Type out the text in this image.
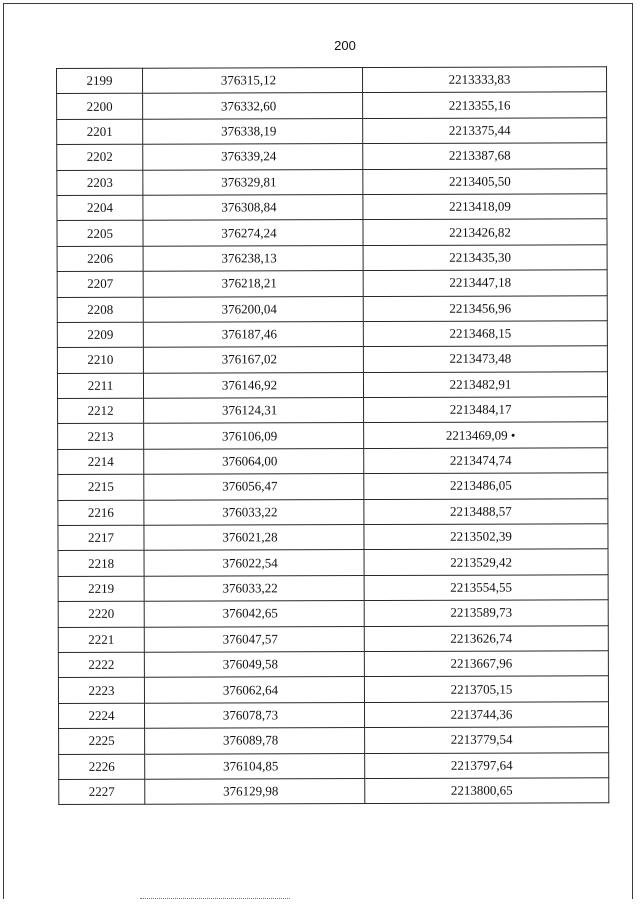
200
2199	376315,12	2213333,83
2200	376332,60	2213355,16
2201	376338,19	2213375,44
2202	376339,24	2213387,68
2203	376329,81	2213405,50
2204	376308,84	2213418,09
2205	376274,24	2213426,82
2206	376238,13	2213435,30
2207	376218,21	2213447,18
2208	376200,04	2213456,96
2209	376187,46	2213468,15
2210	376167,02	2213473,48
2211	376146,92	2213482,91
2212	376124,31	2213484,17
2213	376106,09	2213469,09 •
2214	376064,00	2213474,74
2215	376056,47	2213486,05
2216	376033,22	2213488,57
2217	376021,28	2213502,39
2218	376022,54	2213529,42
2219	376033,22	2213554,55
2220	376042,65	2213589,73
2221	376047,57	2213626,74
2222	376049,58	2213667,96
2223	376062,64	2213705,15
2224	376078,73	2213744,36
2225	376089,78	2213779,54
2226	376104,85	2213797,64
2227	376129,98	2213800,65
